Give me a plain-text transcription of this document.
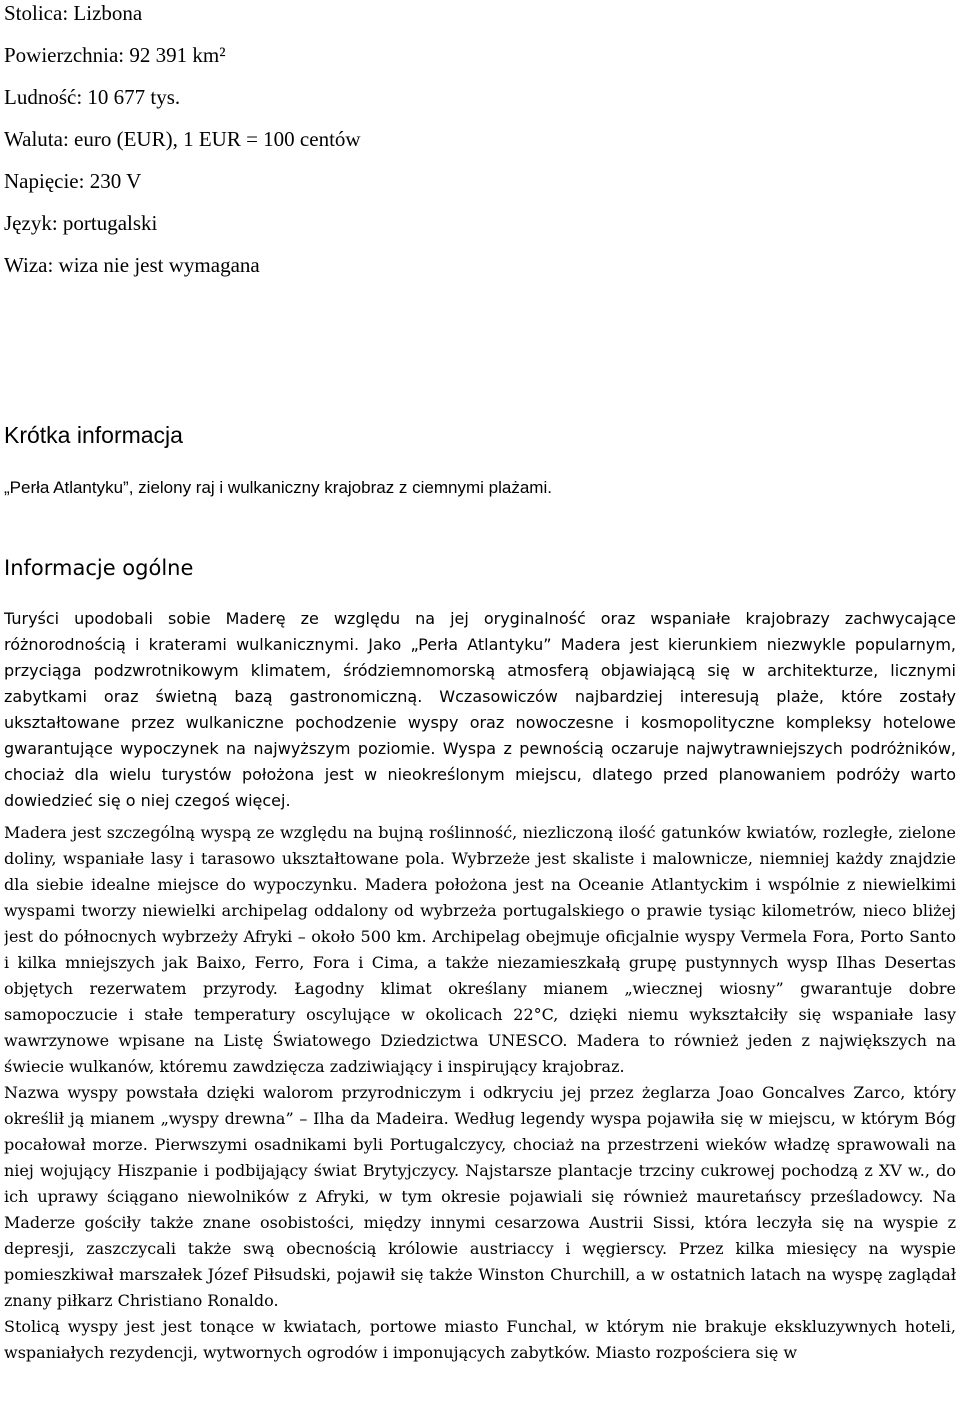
Stolica: Lizbona
Powierzchnia: 92 391 km²
Ludność: 10 677 tys.
Waluta: euro (EUR), 1 EUR = 100 centów
Napięcie: 230 V
Język: portugalski
Wiza: wiza nie jest wymagana
Krótka informacja

„Perła Atlantyku”, zielony raj i wulkaniczny krajobraz z ciemnymi plażami.

Informacje ogólne

Turyści upodobali sobie Maderę ze względu na jej oryginalność oraz wspaniałe krajobrazy zachwycające różnorodnością i kraterami wulkanicznymi. Jako „Perła Atlantyku” Madera jest kierunkiem niezwykle popularnym, przyciąga podzwrotnikowym klimatem, śródziemnomorską atmosferą objawiającą się w architekturze, licznymi zabytkami oraz świetną bazą gastronomiczną. Wczasowiczów najbardziej interesują plaże, które zostały ukształtowane przez wulkaniczne pochodzenie wyspy oraz nowoczesne i kosmopolityczne kompleksy hotelowe gwarantujące wypoczynek na najwyższym poziomie. Wyspa z pewnością oczaruje najwytrawniejszych podróżników, chociaż dla wielu turystów położona jest w nieokreślonym miejscu, dlatego przed planowaniem podróży warto dowiedzieć się o niej czegoś więcej.

Madera jest szczególną wyspą ze względu na bujną roślinność, niezliczoną ilość gatunków kwiatów, rozległe, zielone doliny, wspaniałe lasy i tarasowo ukształtowane pola. Wybrzeże jest skaliste i malownicze, niemniej każdy znajdzie dla siebie idealne miejsce do wypoczynku. Madera położona jest na Oceanie Atlantyckim i wspólnie z niewielkimi wyspami tworzy niewielki archipelag oddalony od wybrzeża portugalskiego o prawie tysiąc kilometrów, nieco bliżej jest do północnych wybrzeży Afryki – około 500 km. Archipelag obejmuje oficjalnie wyspy Vermela Fora, Porto Santo i kilka mniejszych jak Baixo, Ferro, Fora i Cima, a także niezamieszkałą grupę pustynnych wysp Ilhas Desertas objętych rezerwatem przyrody. Łagodny klimat określany mianem „wiecznej wiosny” gwarantuje dobre samopoczucie i stałe temperatury oscylujące w okolicach 22°C, dzięki niemu wykształciły się wspaniałe lasy wawrzynowe wpisane na Listę Światowego Dziedzictwa UNESCO. Madera to również jeden z największych na świecie wulkanów, któremu zawdzięcza zadziwiający i inspirujący krajobraz.

Nazwa wyspy powstała dzięki walorom przyrodniczym i odkryciu jej przez żeglarza Joao Goncalves Zarco, który określił ją mianem „wyspy drewna” – Ilha da Madeira. Według legendy wyspa pojawiła się w miejscu, w którym Bóg pocałował morze. Pierwszymi osadnikami byli Portugalczycy, chociaż na przestrzeni wieków władzę sprawowali na niej wojujący Hiszpanie i podbijający świat Brytyjczycy. Najstarsze plantacje trzciny cukrowej pochodzą z XV w., do ich uprawy ściągano niewolników z Afryki, w tym okresie pojawiali się również mauretańscy prześladowcy. Na Maderze gościły także znane osobistości, między innymi cesarzowa Austrii Sissi, która leczyła się na wyspie z depresji, zaszczycali także swą obecnością królowie austriaccy i węgierscy. Przez kilka miesięcy na wyspie pomieszkiwał marszałek Józef Piłsudski, pojawił się także Winston Churchill, a w ostatnich latach na wyspę zaglądał znany piłkarz Christiano Ronaldo.

Stolicą wyspy jest jest tonące w kwiatach, portowe miasto Funchal, w którym nie brakuje ekskluzywnych hoteli, wspaniałych rezydencji, wytwornych ogrodów i imponujących zabytków. Miasto rozpościera się w
